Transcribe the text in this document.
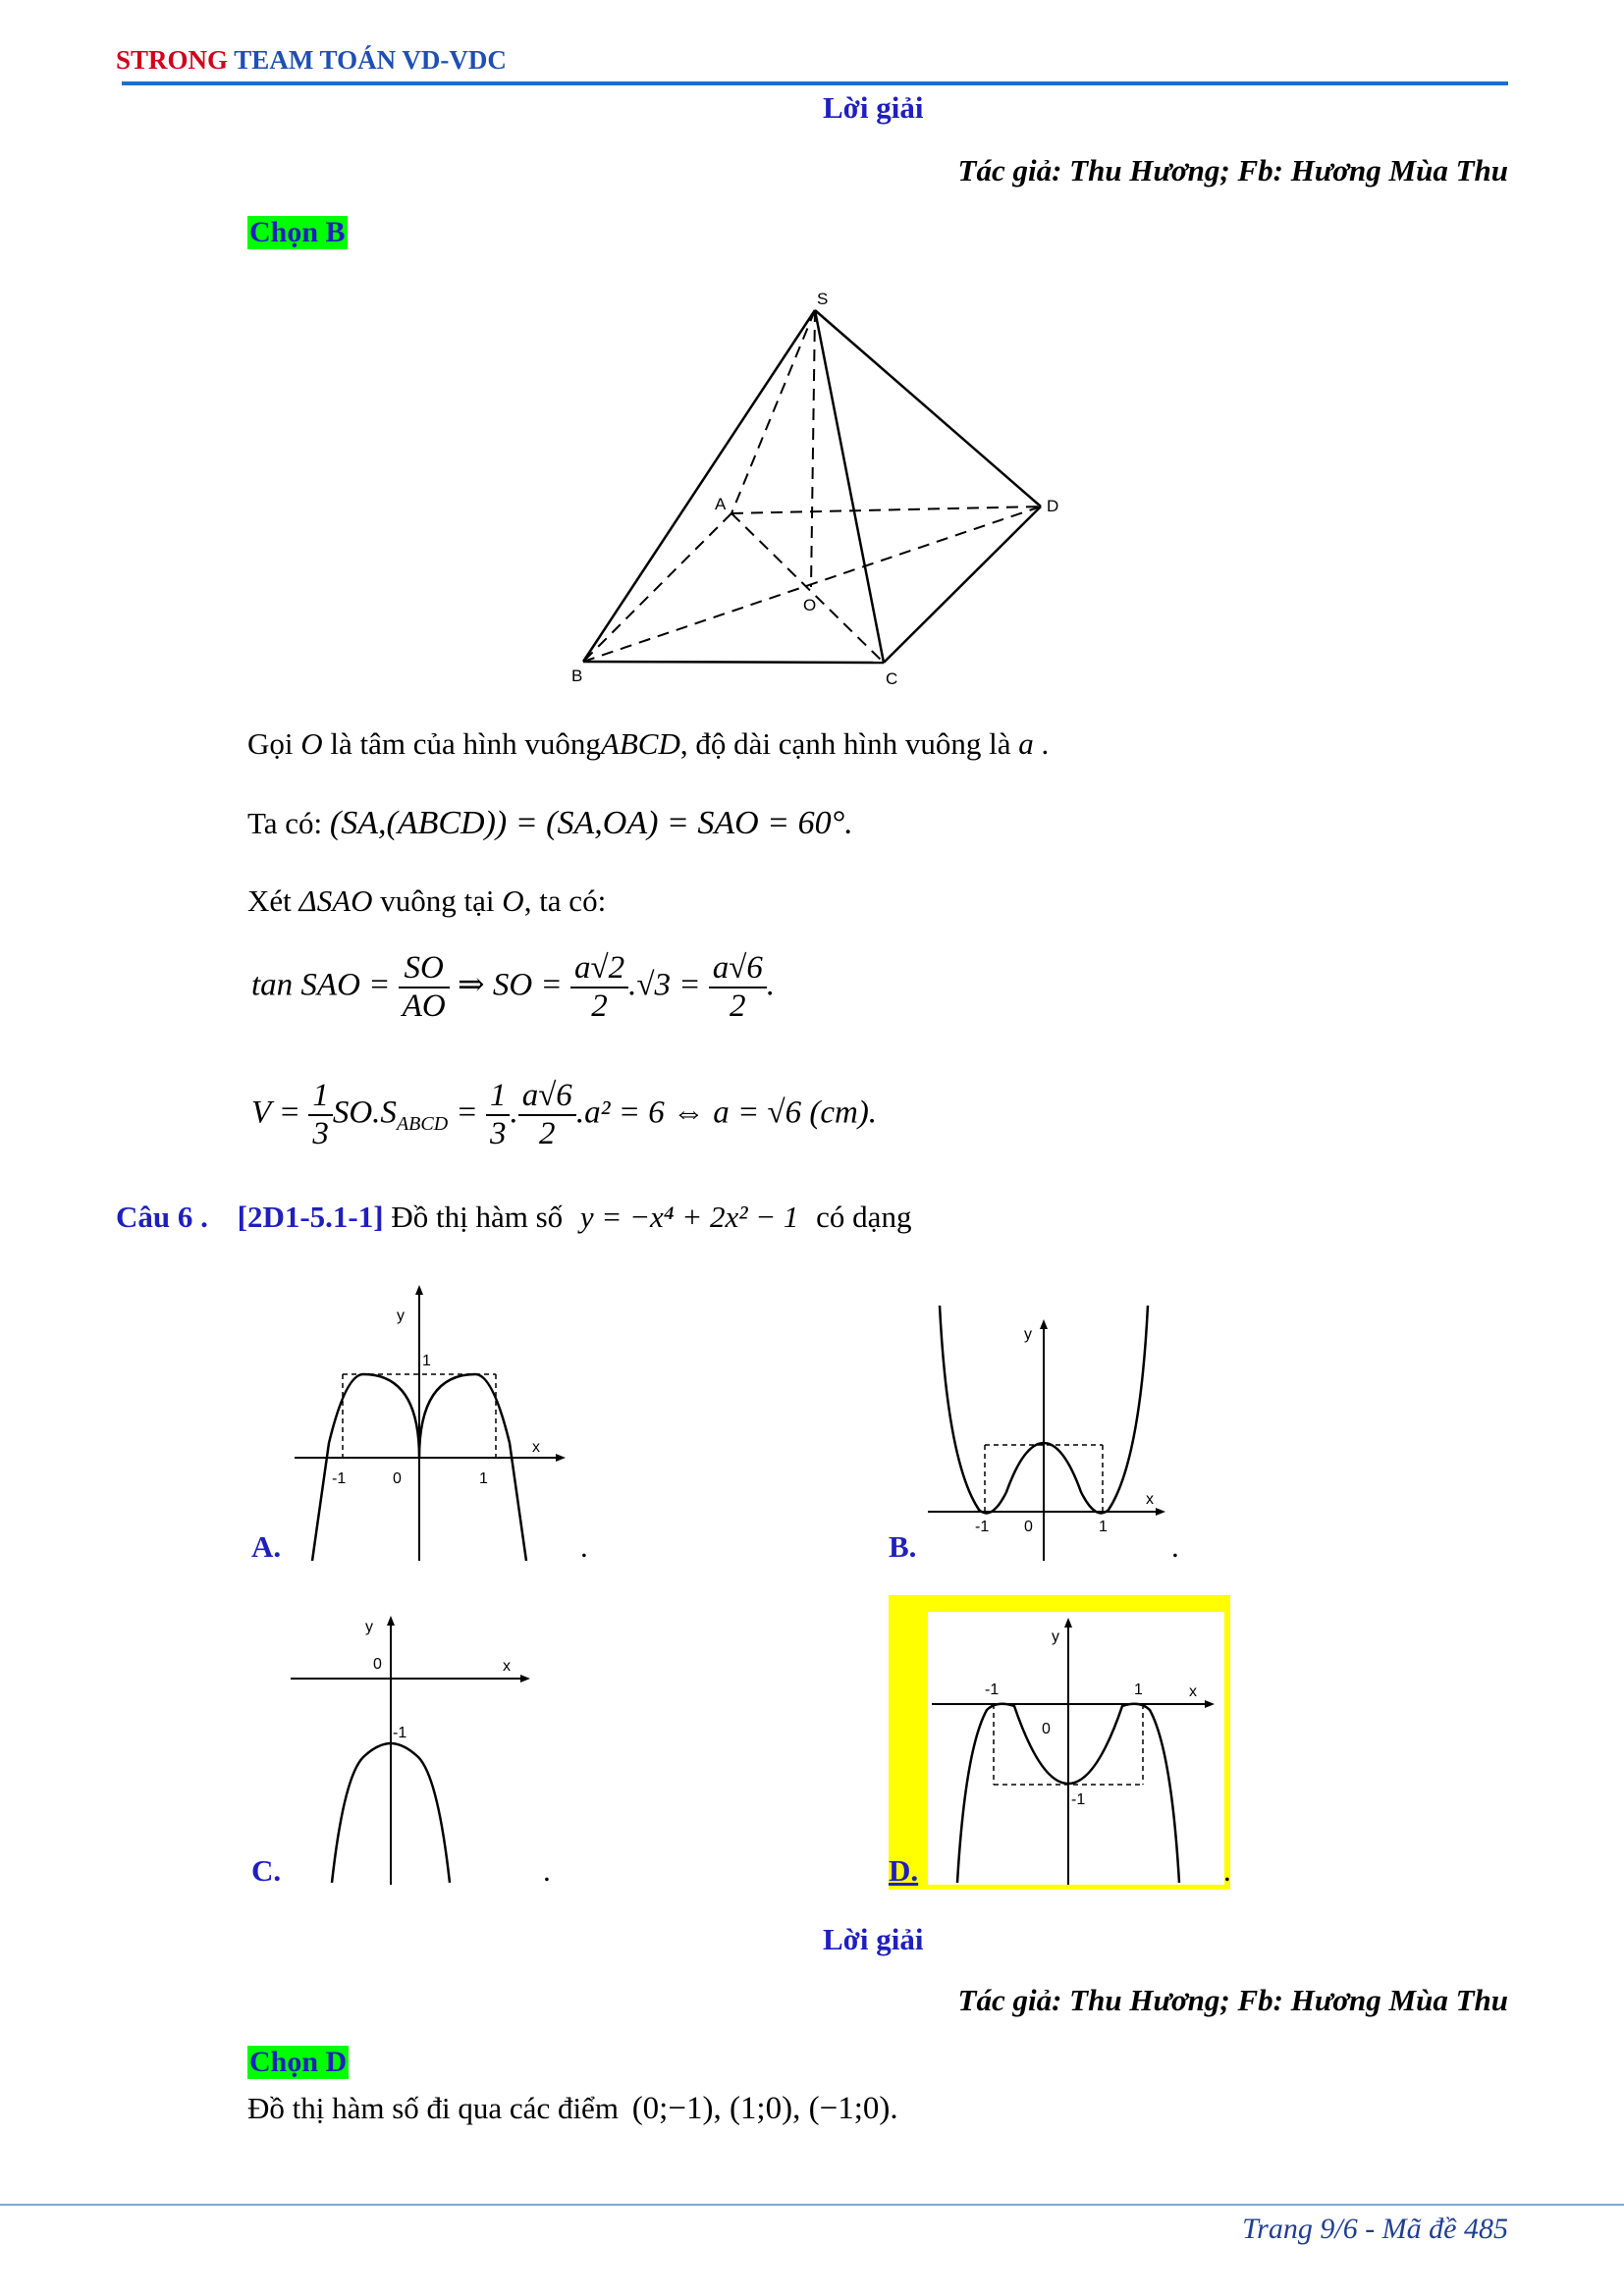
STRONG TEAM TOÁN VD-VDC
Lời giải
Tác giả: Thu Hương; Fb: Hương Mùa Thu
Chọn B
S
A	D
O
B	C
Gọi O là tâm của hình vuôngABCD, độ dài cạnh hình vuông là a .
Ta có: (SA,(ABCD)) = (SA,OA) = SAO = 60°.
Xét ΔSAO vuông tại O, ta có:
tan SAO = $\frac{SO}{AO}$ ⇒ SO = $\frac{a√2}{2} .√3 = \frac{a√6}{2}$ .
$V = \frac{1}{3} SO.S_{ABCD} = \frac{1}{3}$ . $\frac{a√6}{2} .a^2 = 6$ ⇔ a = √6 (cm).
Câu 6 . [2D1-5.1-1] Đồ thị hàm số y = −x⁴ + 2x² − 1 có dạng
y
x
1
-1	0	1
A.	.
y
x
-1 0	1
B.	.
y
x
0
-1
C.	.
y
x
-1	1
0
-1
D.	.
Lời giải
Tác giả: Thu Hương; Fb: Hương Mùa Thu
Chọn D
Đồ thị hàm số đi qua các điểm (0;−1), (1;0), (−1;0).
Trang 9/6 - Mã đề 485
